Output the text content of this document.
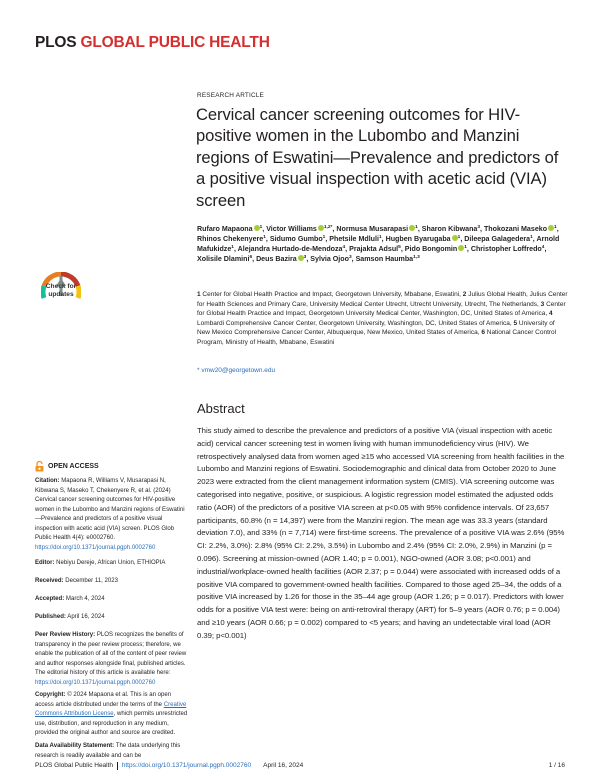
PLOS GLOBAL PUBLIC HEALTH
RESEARCH ARTICLE
Cervical cancer screening outcomes for HIV-positive women in the Lubombo and Manzini regions of Eswatini—Prevalence and predictors of a positive visual inspection with acetic acid (VIA) screen
Rufaro Mapaona $^1$, Victor Williams $^{1,2*}$, Normusa Musarapasi $^1$, Sharon Kibwana$^3$, Thokozani Maseko $^1$, Rhinos Chekenyere$^1$, Sidumo Gumbo$^1$, Phetsile Mdluli$^1$, Hugben Byarugaba $^1$, Dileepa Galagedera$^1$, Arnold Mafukidze$^1$, Alejandra Hurtado-de-Mendoza$^4$, Prajakta Adsul$^5$, Pido Bongomin $^1$, Christopher Loffredo$^4$, Xolisile Dlamini$^6$, Deus Bazira $^3$, Sylvia Ojoo$^3$, Samson Haumba$^{1,3}$
1 Center for Global Health Practice and Impact, Georgetown University, Mbabane, Eswatini, 2 Julius Global Health, Julius Center for Health Sciences and Primary Care, University Medical Center Utrecht, Utrecht University, Utrecht, The Netherlands, 3 Center for Global Health Practice and Impact, Georgetown University Medical Center, Washington, DC, United States of America, 4 Lombardi Comprehensive Cancer Center, Georgetown University, Washington, DC, United States of America, 5 University of New Mexico Comprehensive Cancer Center, Albuquerque, New Mexico, United States of America, 6 National Cancer Control Program, Ministry of Health, Mbabane, Eswatini
* vmw20@georgetown.edu
Abstract
This study aimed to describe the prevalence and predictors of a positive VIA (visual inspection with acetic acid) cervical cancer screening test in women living with human immunodeficiency virus (HIV). We retrospectively analysed data from women aged ≥15 who accessed VIA screening from health facilities in the Lubombo and Manzini regions of Eswatini. Sociodemographic and clinical data from October 2020 to June 2023 were extracted from the client management information system (CMIS). VIA screening outcome was categorised into negative, positive, or suspicious. A logistic regression model estimated the adjusted odds ratio (AOR) of the predictors of a positive VIA screen at p<0.05 with 95% confidence intervals. Of 23,657 participants, 60.8% (n = 14,397) were from the Manzini region. The mean age was 33.3 years (standard deviation 7.0), and 33% (n = 7,714) were first-time screens. The prevalence of a positive VIA was 2.6% (95% CI: 2.2%, 3.0%): 2.8% (95% CI: 2.2%, 3.5%) in Lubombo and 2.4% (95% CI: 2.0%, 2.9%) in Manzini (p = 0.096). Screening at mission-owned (AOR 1.40; p = 0.001), NGO-owned (AOR 3.08; p<0.001) and industrial/workplace-owned health facilities (AOR 2.37; p = 0.044) were associated with increased odds of a positive VIA compared to government-owned health facilities. Compared to those aged 25–34, the odds of a positive VIA increased by 1.26 for those in the 35–44 age group (AOR 1.26; p = 0.017). Predictors with lower odds for a positive VIA test were: being on anti-retroviral therapy (ART) for 5–9 years (AOR 0.76; p = 0.004) and ≥10 years (AOR 0.66; p = 0.002) compared to <5 years; and having an undetectable viral load (AOR 0.39; p<0.001)
Check for
updates
OPEN ACCESS
Citation: Mapaona R, Williams V, Musarapasi N, Kibwana S, Maseko T, Chekenyere R, et al. (2024) Cervical cancer screening outcomes for HIV-positive women in the Lubombo and Manzini regions of Eswatini—Prevalence and predictors of a positive visual inspection with acetic acid (VIA) screen. PLOS Glob Public Health 4(4): e0002760. https://doi.org/10.1371/journal.pgph.0002760
Editor: Nebiyu Dereje, African Union, ETHIOPIA
Received: December 11, 2023
Accepted: March 4, 2024
Published: April 16, 2024
Peer Review History: PLOS recognizes the benefits of transparency in the peer review process; therefore, we enable the publication of all of the content of peer review and author responses alongside final, published articles. The editorial history of this article is available here: https://doi.org/10.1371/journal.pgph.0002760
Copyright: © 2024 Mapaona et al. This is an open access article distributed under the terms of the Creative Commons Attribution License, which permits unrestricted use, distribution, and reproduction in any medium, provided the original author and source are credited.
PLOS Global Public Health https://doi.org/10.1371/journal.pgph.0002760 April 16, 2024	1 / 16
Data Availability Statement: The data underlying this research is readily available and can be
